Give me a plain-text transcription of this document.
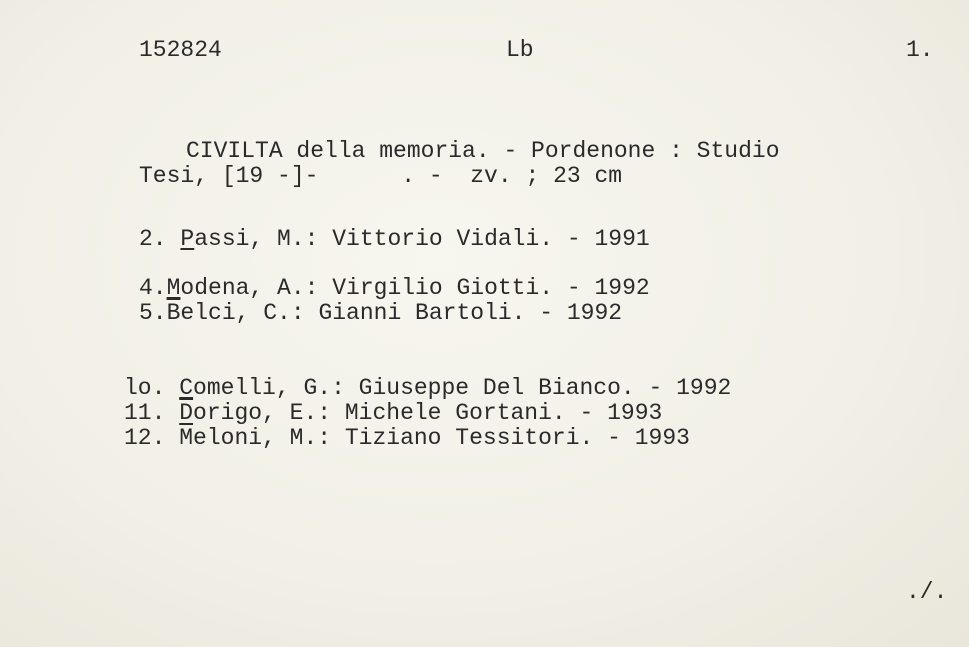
152824	Lb	1.
CIVILTA della memoria. - Pordenone : Studio
Tesi, [19 -]-      . -  zv. ; 23 cm
2. Passi, M.: Vittorio Vidali. - 1991
4.Modena, A.: Virgilio Giotti. - 1992
$5.\overline{B}elci$, C.: Gianni Bartoli. - 1992
lo. Comelli, G.: Giuseppe Del Bianco. - 1992
11. $\overline{D}origo$, E.: Michele Gortani. - 1993
12. $\overline{M}eloni$, M.: Tiziano Tessitori. - 1993
./.
